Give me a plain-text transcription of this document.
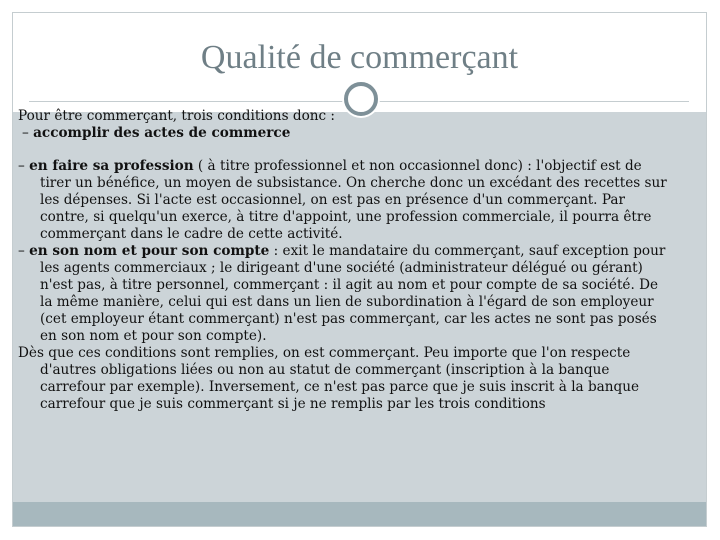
Qualité de commerçant

Pour être commerçant, trois conditions donc :

– accomplir des actes de commerce

– en faire sa profession ( à titre professionnel et non occasionnel donc) : l'objectif est de tirer un bénéfice, un moyen de subsistance. On cherche donc un excédant des recettes sur les dépenses. Si l'acte est occasionnel, on est pas en présence d'un commerçant. Par contre, si quelqu'un exerce, à titre d'appoint, une profession commerciale, il pourra être commerçant dans le cadre de cette activité.

– en son nom et pour son compte : exit le mandataire du commerçant, sauf exception pour les agents commerciaux ; le dirigeant d'une société (administrateur délégué ou gérant) n'est pas, à titre personnel, commerçant : il agit au nom et pour compte de sa société. De la même manière, celui qui est dans un lien de subordination à l'égard de son employeur (cet employeur étant commerçant) n'est pas commerçant, car les actes ne sont pas posés en son nom et pour son compte).

Dès que ces conditions sont remplies, on est commerçant. Peu importe que l'on respecte d'autres obligations liées ou non au statut de commerçant (inscription à la banque carrefour par exemple). Inversement, ce n'est pas parce que je suis inscrit à la banque carrefour que je suis commerçant si je ne remplis par les trois conditions
